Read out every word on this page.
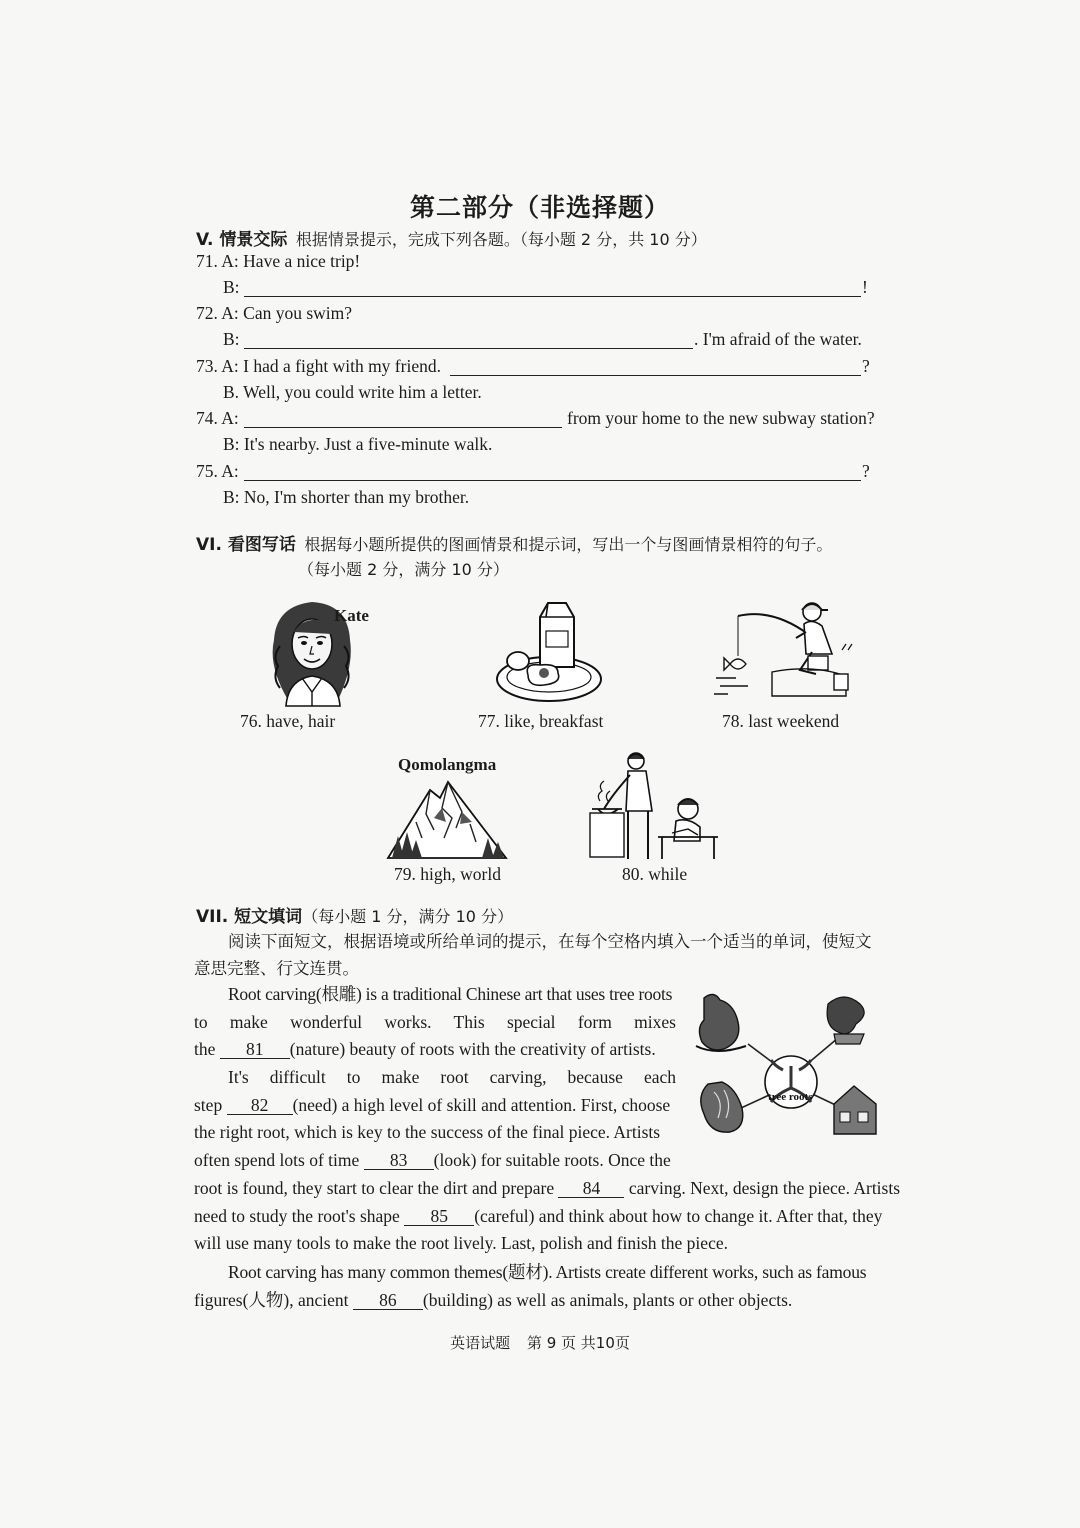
第二部分（非选择题）
V. 情景交际 根据情景提示，完成下列各题。（每小题 2 分，共 10 分）
71. A: Have a nice trip!
B:	!
72. A: Can you swim?
B:	. I'm afraid of the water.
73. A: I had a fight with my friend.	?
B. Well, you could write him a letter.
74. A:	from your home to the new subway station?
B: It's nearby. Just a five-minute walk.
75. A:	?
B: No, I'm shorter than my brother.
VI. 看图写话 根据每小题所提供的图画情景和提示词，写出一个与图画情景相符的句子。
（每小题 2 分，满分 10 分）
Kate
76. have, hair	77. like, breakfast	78. last weekend
Qomolangma
79. high, world	80. while
VII. 短文填词（每小题 1 分，满分 10 分）
阅读下面短文，根据语境或所给单词的提示，在每个空格内填入一个适当的单词，使短文意思完整、行文连贯。
tree roots

Root carving(根雕) is a traditional Chinese art that uses tree roots

to make wonderful works. This special form mixes

the 81 (nature) beauty of roots with the creativity of artists.

It's difficult to make root carving, because each

step 82 (need) a high level of skill and attention. First, choose

the right root, which is key to the success of the final piece. Artists

often spend lots of time 83 (look) for suitable roots. Once the

root is found, they start to clear the dirt and prepare 84 carving. Next, design the piece. Artists

need to study the root's shape 85 (careful) and think about how to change it. After that, they

will use many tools to make the root lively. Last, polish and finish the piece.

Root carving has many common themes(题材). Artists create different works, such as famous

figures(人物), ancient 86 (building) as well as animals, plants or other objects.

英语试题 第 9 页 共10页
